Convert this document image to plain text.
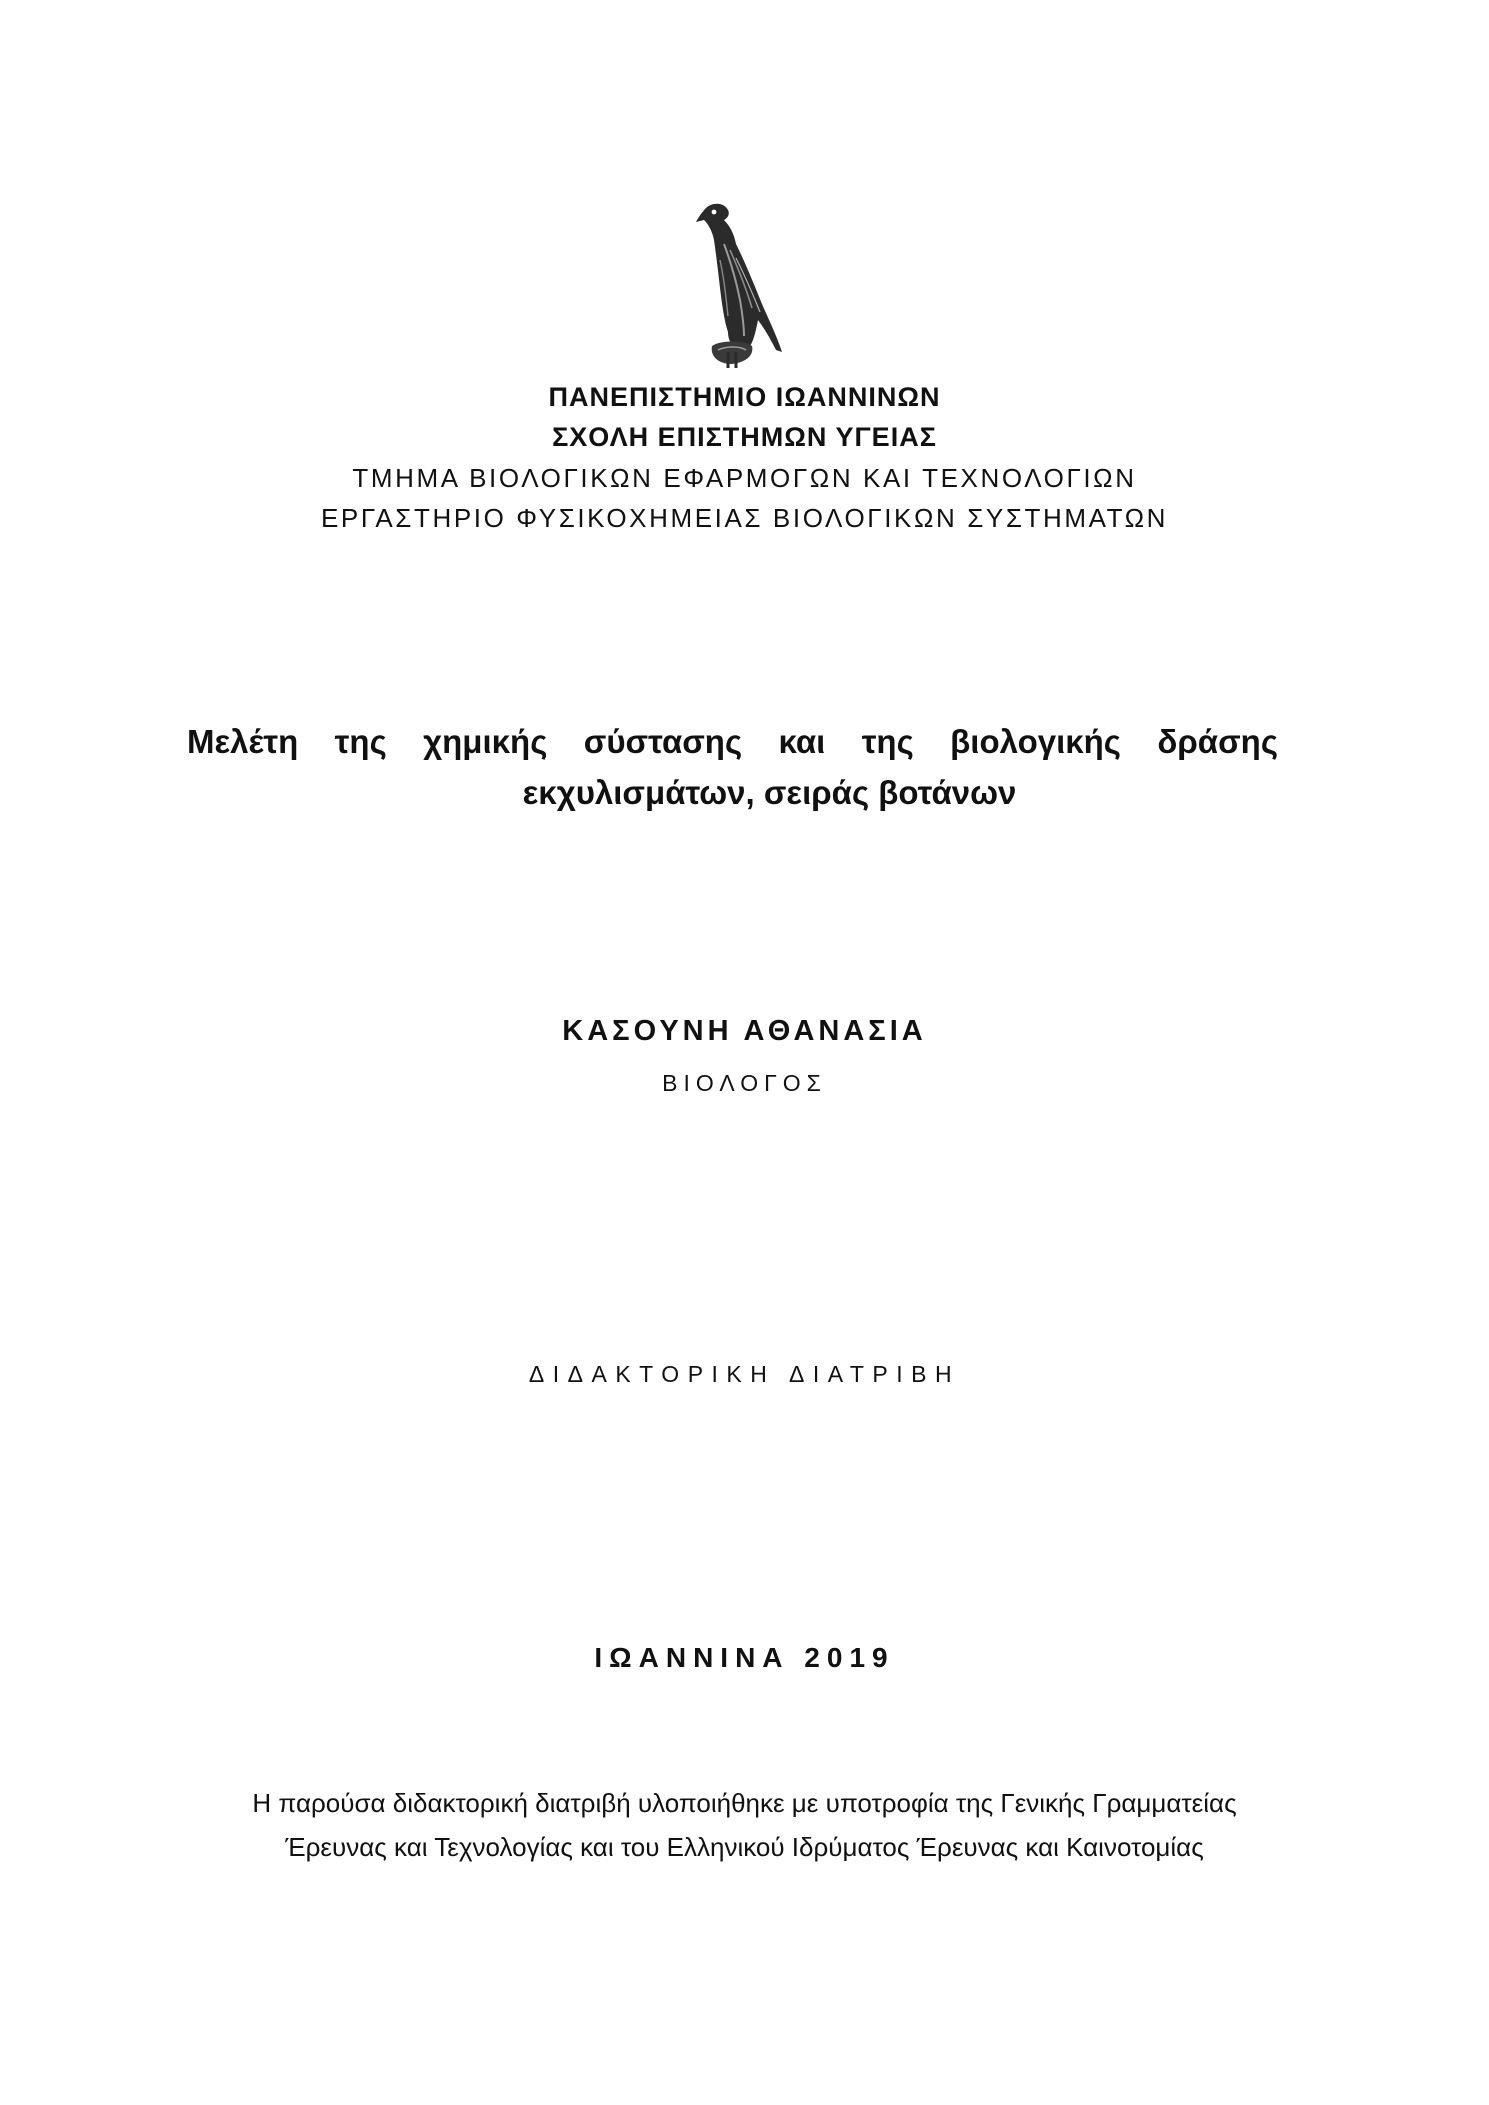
ΠΑΝΕΠΙΣΤΗΜΙΟ ΙΩΑΝΝΙΝΩΝ
ΣΧΟΛΗ ΕΠΙΣΤΗΜΩΝ ΥΓΕΙΑΣ
ΤΜΗΜΑ ΒΙΟΛΟΓΙΚΩΝ ΕΦΑΡΜΟΓΩΝ ΚΑΙ ΤΕΧΝΟΛΟΓΙΩΝ
ΕΡΓΑΣΤΗΡΙΟ ΦΥΣΙΚΟΧΗΜΕΙΑΣ ΒΙΟΛΟΓΙΚΩΝ ΣΥΣΤΗΜΑΤΩΝ
Μελέτη της χημικής σύστασης και της βιολογικής δράσης
εκχυλισμάτων, σειράς βοτάνων
ΚΑΣΟΥΝΗ ΑΘΑΝΑΣΙΑ
ΒΙΟΛΟΓΟΣ
ΔΙΔΑΚΤΟΡΙΚΗ ΔΙΑΤΡΙΒΗ
ΙΩΑΝΝΙΝΑ 2019
Η παρούσα διδακτορική διατριβή υλοποιήθηκε με υποτροφία της Γενικής Γραμματείας
Έρευνας και Τεχνολογίας και του Ελληνικού Ιδρύματος Έρευνας και Καινοτομίας
